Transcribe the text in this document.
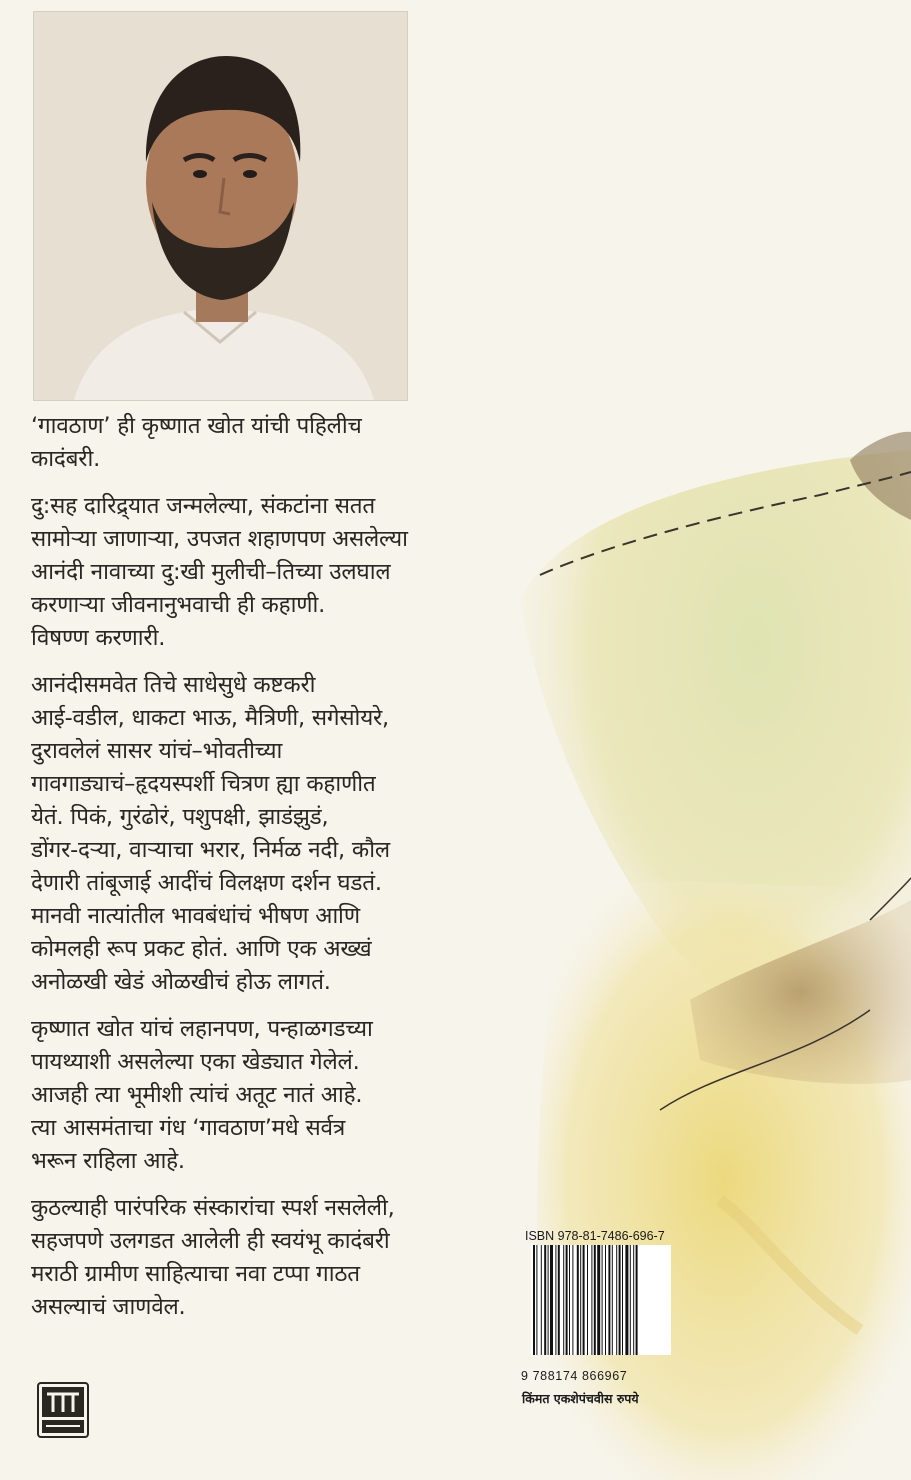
‘गावठाण’ ही कृष्णात खोत यांची पहिलीच
कादंबरी.

दु:सह दारिद्र्यात जन्मलेल्या, संकटांना सतत
सामोऱ्या जाणाऱ्या, उपजत शहाणपण असलेल्या
आनंदी नावाच्या दु:खी मुलीची–तिच्या उलघाल
करणाऱ्या जीवनानुभवाची ही कहाणी.
विषण्ण करणारी.

आनंदीसमवेत तिचे साधेसुधे कष्टकरी
आई-वडील, धाकटा भाऊ, मैत्रिणी, सगेसोयरे,
दुरावलेलं सासर यांचं–भोवतीच्या
गावगाड्याचं–हृदयस्पर्शी चित्रण ह्या कहाणीत
येतं. पिकं, गुरंढोरं, पशुपक्षी, झाडंझुडं,
डोंगर-दऱ्या, वाऱ्याचा भरार, निर्मळ नदी, कौल
देणारी तांबूजाई आदींचं विलक्षण दर्शन घडतं.
मानवी नात्यांतील भावबंधांचं भीषण आणि
कोमलही रूप प्रकट होतं. आणि एक अख्खं
अनोळखी खेडं ओळखीचं होऊ लागतं.

कृष्णात खोत यांचं लहानपण, पन्हाळगडच्या
पायथ्याशी असलेल्या एका खेड्यात गेलेलं.
आजही त्या भूमीशी त्यांचं अतूट नातं आहे.
त्या आसमंताचा गंध ‘गावठाण’मधे सर्वत्र
भरून राहिला आहे.

कुठल्याही पारंपरिक संस्कारांचा स्पर्श नसलेली,
सहजपणे उलगडत आलेली ही स्वयंभू कादंबरी
मराठी ग्रामीण साहित्याचा नवा टप्पा गाठत
असल्याचं जाणवेल.

ISBN 978-81-7486-696-7
9 788174 866967
किंमत एकशेपंचवीस रुपये
